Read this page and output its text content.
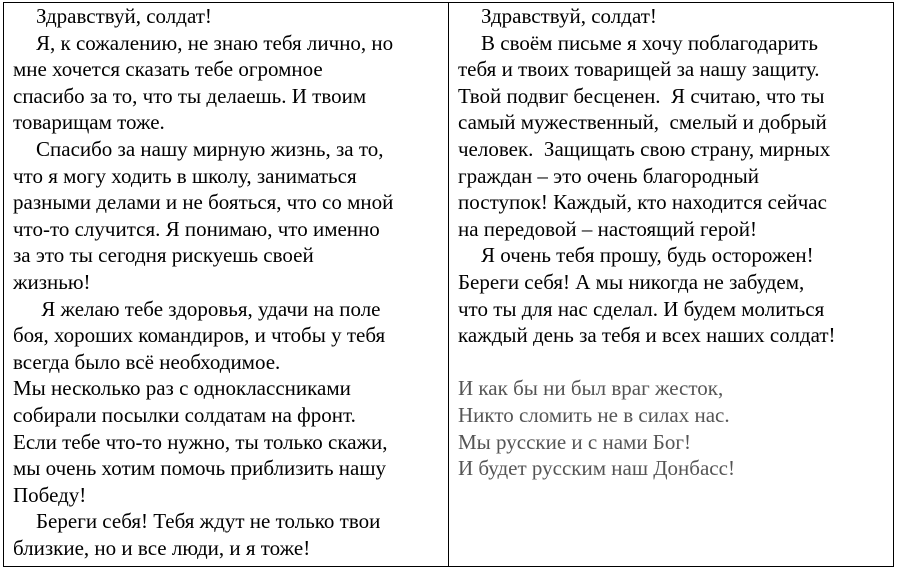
Здравствуй, солдат!
Я, к сожалению, не знаю тебя лично, но
мне хочется сказать тебе огромное
спасибо за то, что ты делаешь. И твоим
товарищам тоже.
Спасибо за нашу мирную жизнь, за то,
что я могу ходить в школу, заниматься
разными делами и не бояться, что со мной
что-то случится. Я понимаю, что именно
за это ты сегодня рискуешь своей
жизнью!
Я желаю тебе здоровья, удачи на поле
боя, хороших командиров, и чтобы у тебя
всегда было всё необходимое.
Мы несколько раз с одноклассниками
собирали посылки солдатам на фронт.
Если тебе что-то нужно, ты только скажи,
мы очень хотим помочь приблизить нашу
Победу!
Береги себя! Тебя ждут не только твои
близкие, но и все люди, и я тоже!
Здравствуй, солдат!
В своём письме я хочу поблагодарить
тебя и твоих товарищей за нашу защиту.
Твой подвиг бесценен.  Я считаю, что ты
самый мужественный,  смелый и добрый
человек.  Защищать свою страну, мирных
граждан – это очень благородный
поступок! Каждый, кто находится сейчас
на передовой – настоящий герой!
Я очень тебя прошу, будь осторожен!
Береги себя! А мы никогда не забудем,
что ты для нас сделал. И будем молиться
каждый день за тебя и всех наших солдат!
И как бы ни был враг жесток,
Никто сломить не в силах нас.
Мы русские и с нами Бог!
И будет русским наш Донбасс!
